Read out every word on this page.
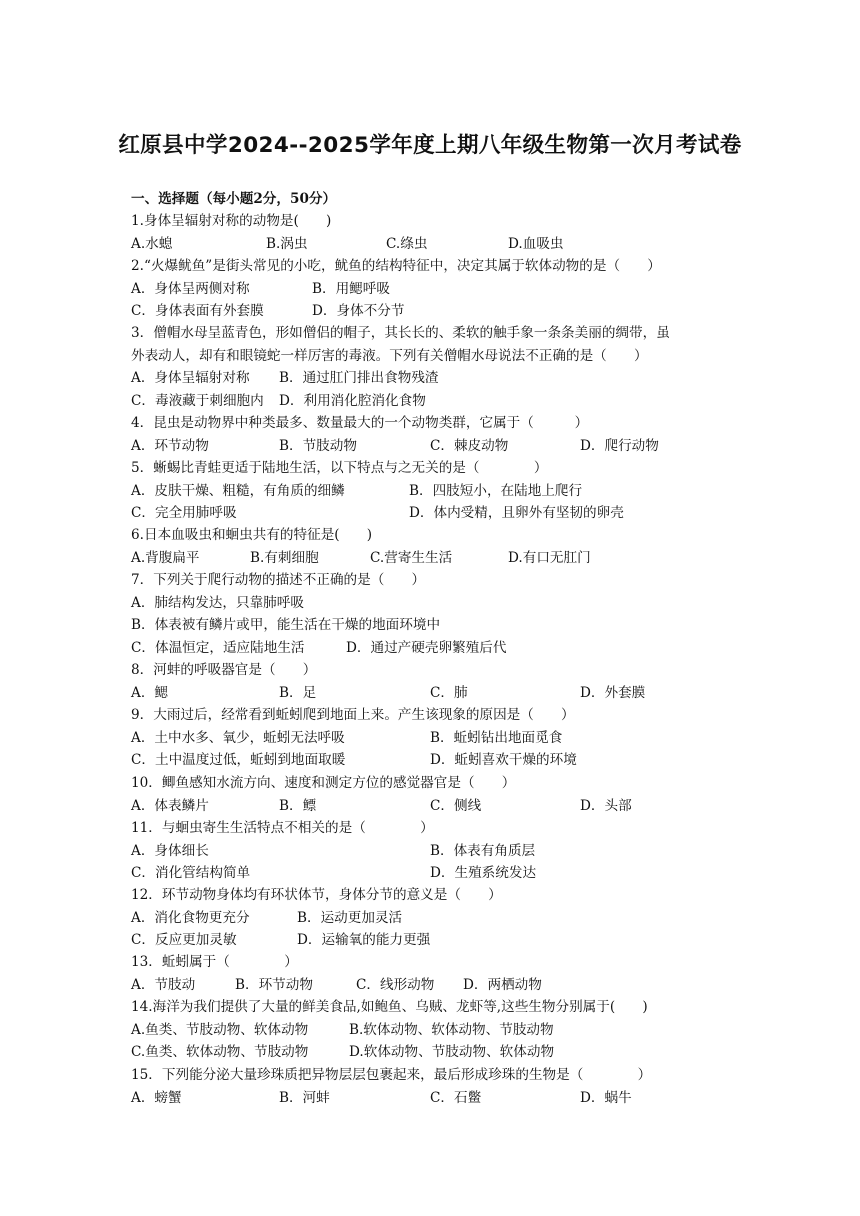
红原县中学2024--2025学年度上期八年级生物第一次月考试卷
一、选择题（每小题2分，50分）
1.身体呈辐射对称的动物是(　　)
A.水螅	B.涡虫	C.绦虫	D.血吸虫
2.“火爆鱿鱼”是街头常见的小吃，鱿鱼的结构特征中，决定其属于软体动物的是（　　）
A．身体呈两侧对称	B．用鳃呼吸
C．身体表面有外套膜	D．身体不分节
3．僧帽水母呈蓝青色，形如僧侣的帽子，其长长的、柔软的触手象一条条美丽的绸带，虽
外表动人，却有和眼镜蛇一样厉害的毒液。下列有关僧帽水母说法不正确的是（　　）
A．身体呈辐射对称 B．通过肛门排出食物残渣
C．毒液藏于刺细胞内 D．利用消化腔消化食物
4．昆虫是动物界中种类最多、数量最大的一个动物类群，它属于（　　　）
A．环节动物	B．节肢动物	C．棘皮动物	D．爬行动物
5．蜥蜴比青蛙更适于陆地生活，以下特点与之无关的是（　　　　）
A．皮肤干燥、粗糙，有角质的细鳞	B．四肢短小，在陆地上爬行
C．完全用肺呼吸	D．体内受精，且卵外有坚韧的卵壳
6.日本血吸虫和蛔虫共有的特征是(　　)
A.背腹扁平	B.有刺细胞	C.营寄生生活	D.有口无肛门
7．下列关于爬行动物的描述不正确的是（　　）
A．肺结构发达，只靠肺呼吸
B．体表被有鳞片或甲，能生活在干燥的地面环境中
C．体温恒定，适应陆地生活	D．通过产硬壳卵繁殖后代
8．河蚌的呼吸器官是（　　）
A．鳃	B．足	C．肺	D．外套膜
9．大雨过后，经常看到蚯蚓爬到地面上来。产生该现象的原因是（　　）
A．土中水多、氧少，蚯蚓无法呼吸	B．蚯蚓钻出地面觅食
C．土中温度过低，蚯蚓到地面取暖	D．蚯蚓喜欢干燥的环境
10．鲫鱼感知水流方向、速度和测定方位的感觉器官是（　　）
A．体表鳞片	B．鳔	C．侧线	D．头部
11．与蛔虫寄生生活特点不相关的是（　　　　）
A．身体细长	B．体表有角质层
C．消化管结构简单	D．生殖系统发达
12．环节动物身体均有环状体节，身体分节的意义是（　　）
A．消化食物更充分	B．运动更加灵活
C．反应更加灵敏	D．运输氧的能力更强
13．蚯蚓属于（　　　　）
A．节肢动	B．环节动物	C．线形动物 D．两栖动物
14.海洋为我们提供了大量的鲜美食品,如鲍鱼、乌贼、龙虾等,这些生物分别属于(　　)
A.鱼类、节肢动物、软体动物	B.软体动物、软体动物、节肢动物
C.鱼类、软体动物、节肢动物	D.软体动物、节肢动物、软体动物
15．下列能分泌大量珍珠质把异物层层包裹起来，最后形成珍珠的生物是（　　　　）
A．螃蟹	B．河蚌	C．石鳖	D．蜗牛
